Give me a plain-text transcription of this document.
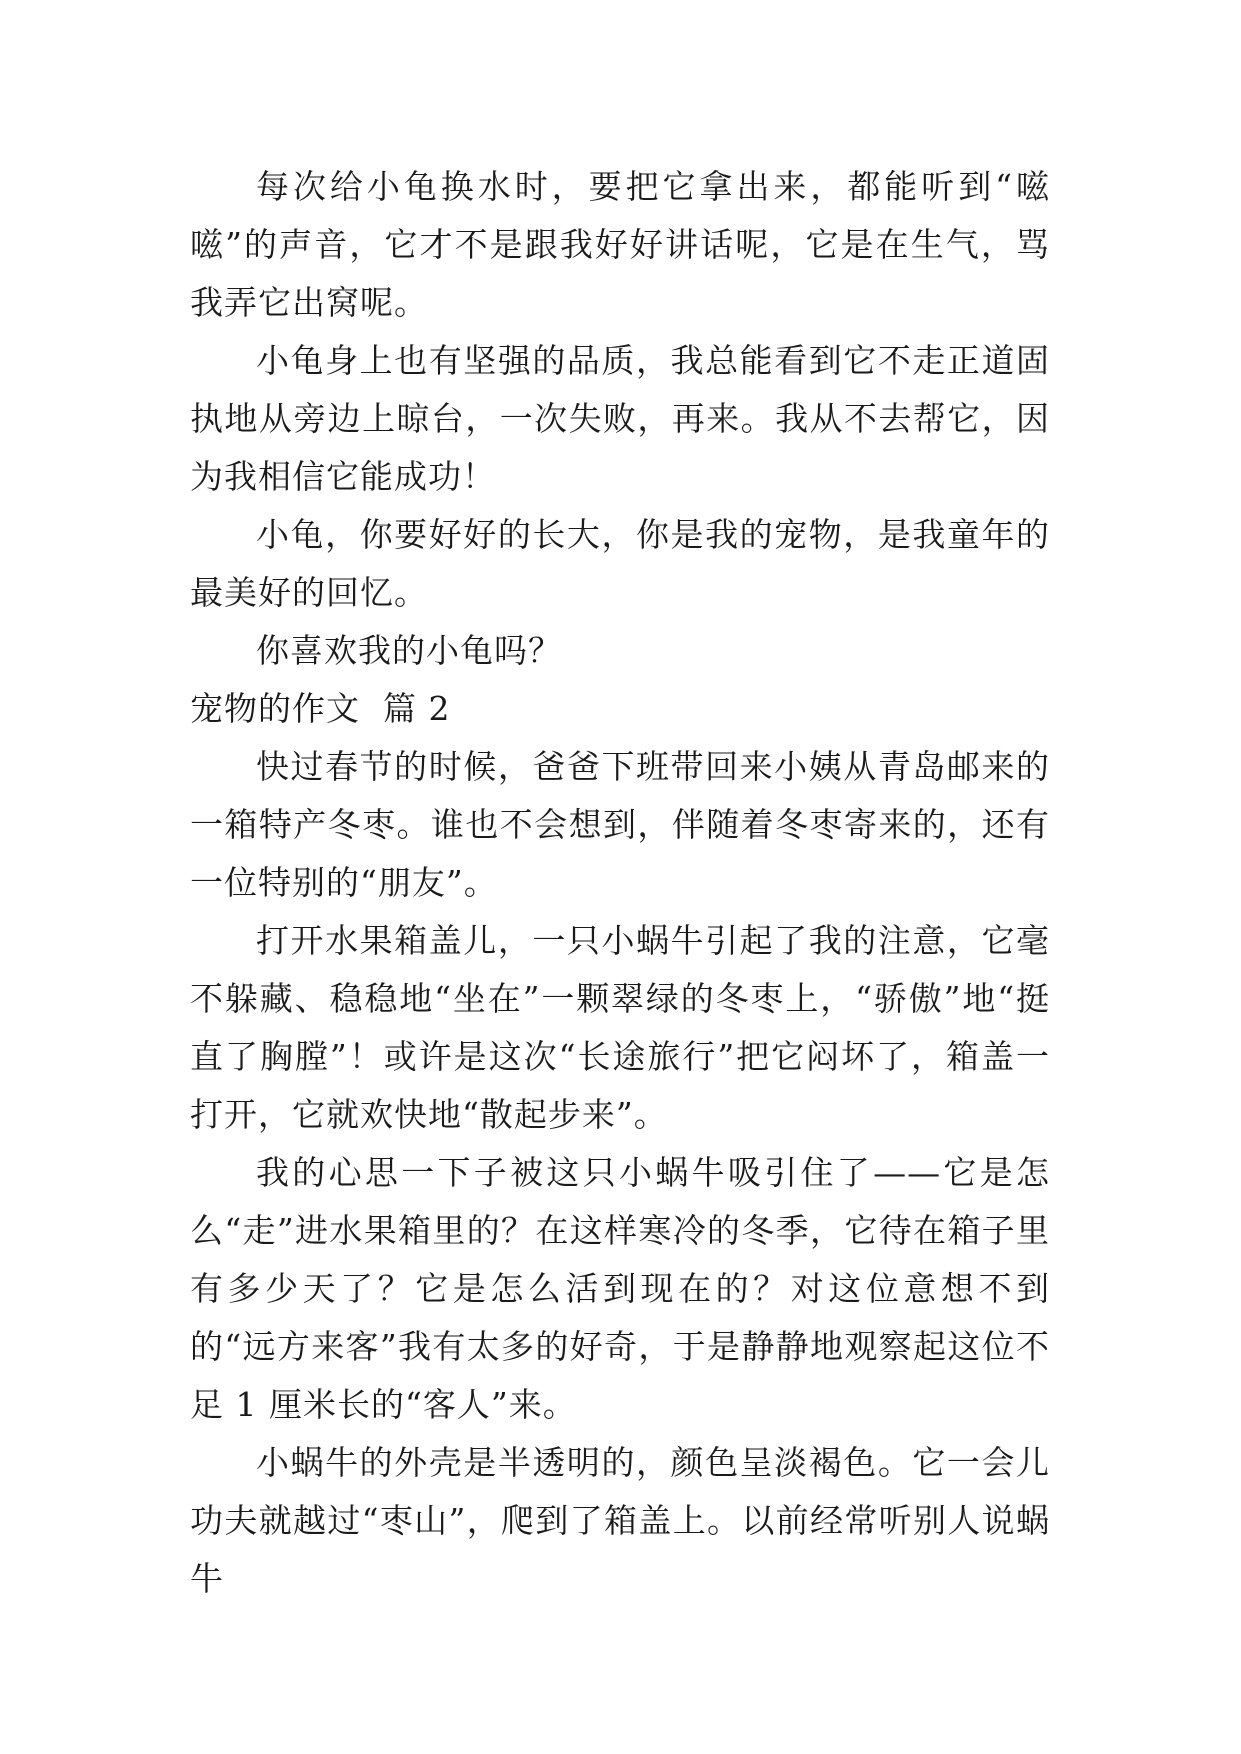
每次给小龟换水时，要把它拿出来，都能听到“嗞嗞”的声音，它才不是跟我好好讲话呢，它是在生气，骂我弄它出窝呢。

小龟身上也有坚强的品质，我总能看到它不走正道固执地从旁边上晾台，一次失败，再来。我从不去帮它，因为我相信它能成功！

小龟，你要好好的长大，你是我的宠物，是我童年的最美好的回忆。

你喜欢我的小龟吗？

宠物的作文  篇 2

快过春节的时候，爸爸下班带回来小姨从青岛邮来的一箱特产冬枣。谁也不会想到，伴随着冬枣寄来的，还有一位特别的“朋友”。

打开水果箱盖儿，一只小蜗牛引起了我的注意，它毫不躲藏、稳稳地“坐在”一颗翠绿的冬枣上，“骄傲”地“挺直了胸膛”！或许是这次“长途旅行”把它闷坏了，箱盖一打开，它就欢快地“散起步来”。

我的心思一下子被这只小蜗牛吸引住了——它是怎么“走”进水果箱里的？在这样寒冷的冬季，它待在箱子里有多少天了？它是怎么活到现在的？对这位意想不到的“远方来客”我有太多的好奇，于是静静地观察起这位不足 1 厘米长的“客人”来。

小蜗牛的外壳是半透明的，颜色呈淡褐色。它一会儿功夫就越过“枣山”，爬到了箱盖上。以前经常听别人说蜗牛
